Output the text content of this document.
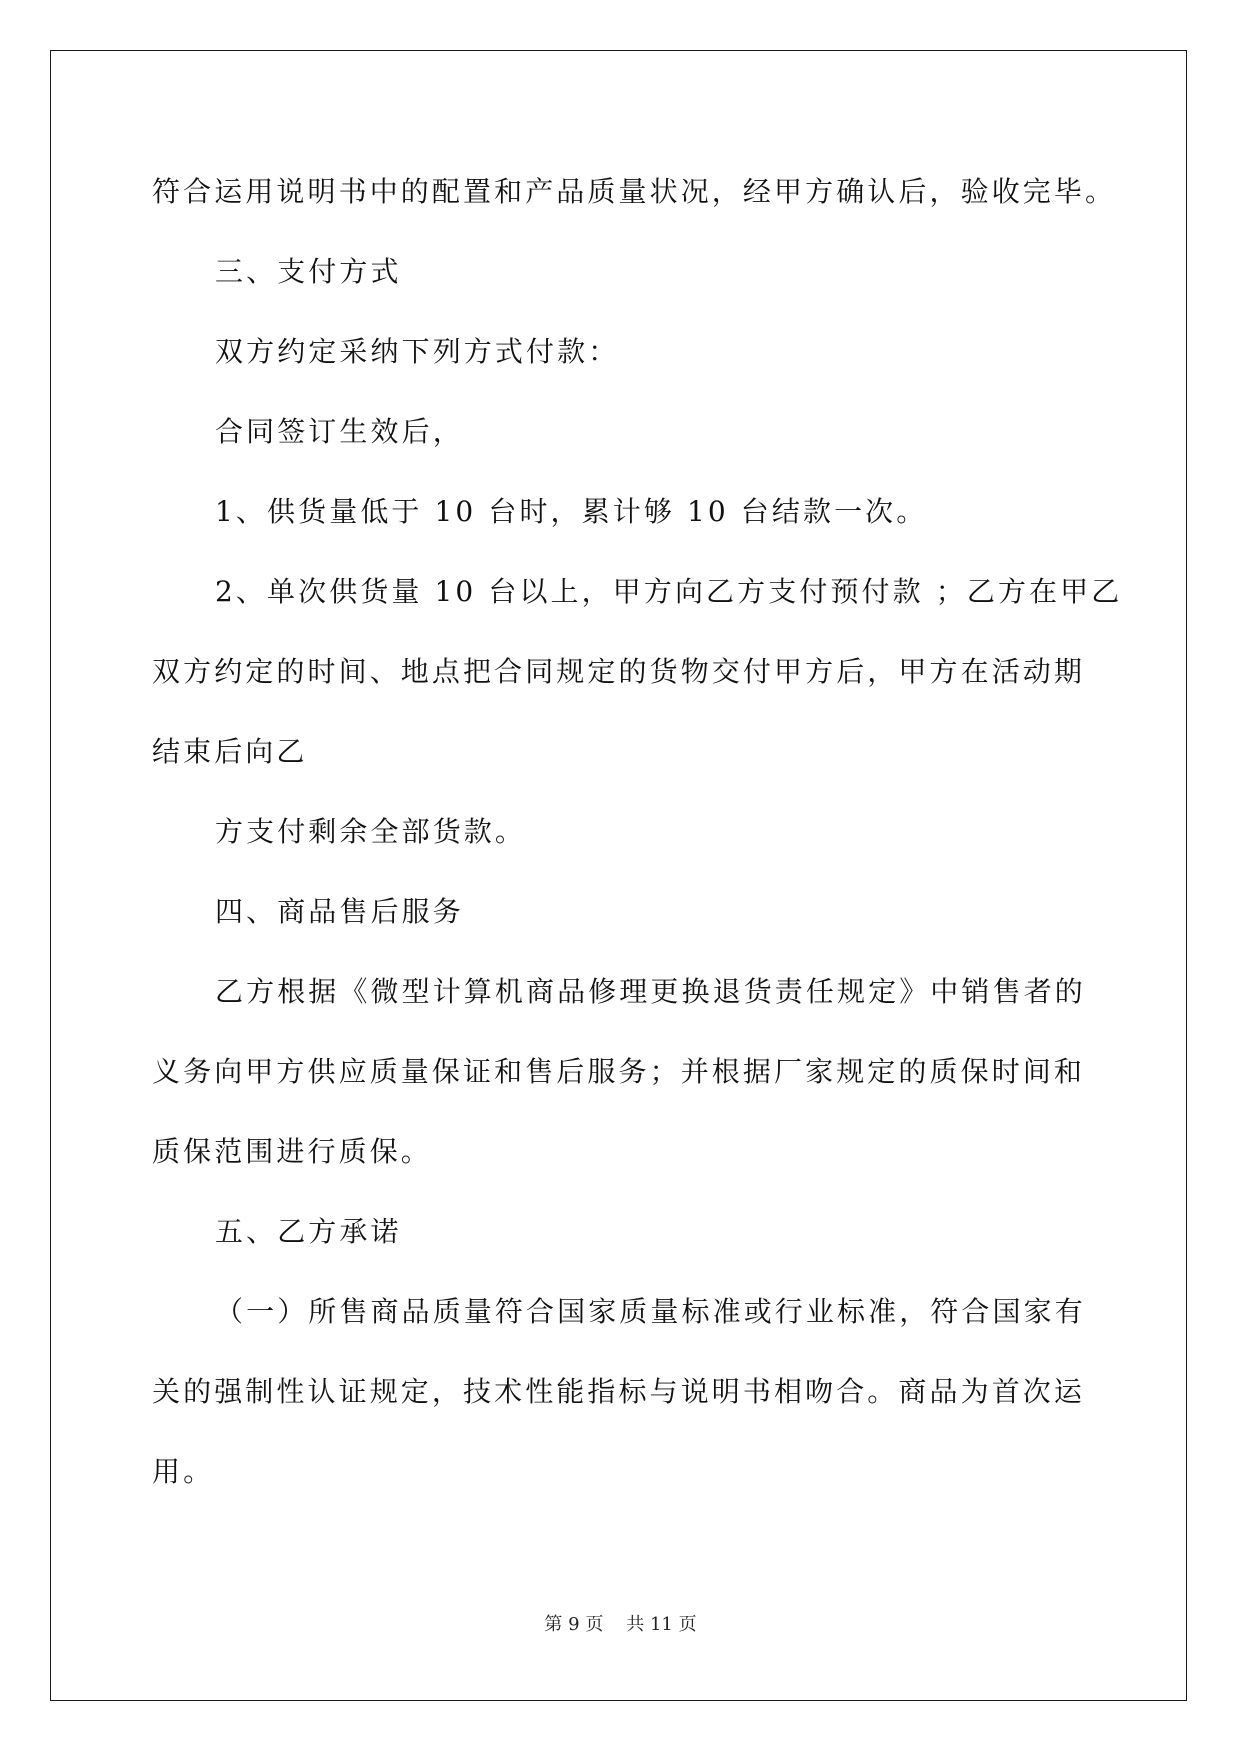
符合运用说明书中的配置和产品质量状况，经甲方确认后，验收完毕。
三、支付方式
双方约定采纳下列方式付款：
合同签订生效后，
1、供货量低于 10 台时，累计够 10 台结款一次。
2、单次供货量 10 台以上，甲方向乙方支付预付款 ；乙方在甲乙
双方约定的时间、地点把合同规定的货物交付甲方后，甲方在活动期
结束后向乙
方支付剩余全部货款。
四、商品售后服务
乙方根据《微型计算机商品修理更换退货责任规定》中销售者的
义务向甲方供应质量保证和售后服务；并根据厂家规定的质保时间和
质保范围进行质保。
五、乙方承诺
（一）所售商品质量符合国家质量标准或行业标准，符合国家有
关的强制性认证规定，技术性能指标与说明书相吻合。商品为首次运
用。
第 9 页 共 11 页
